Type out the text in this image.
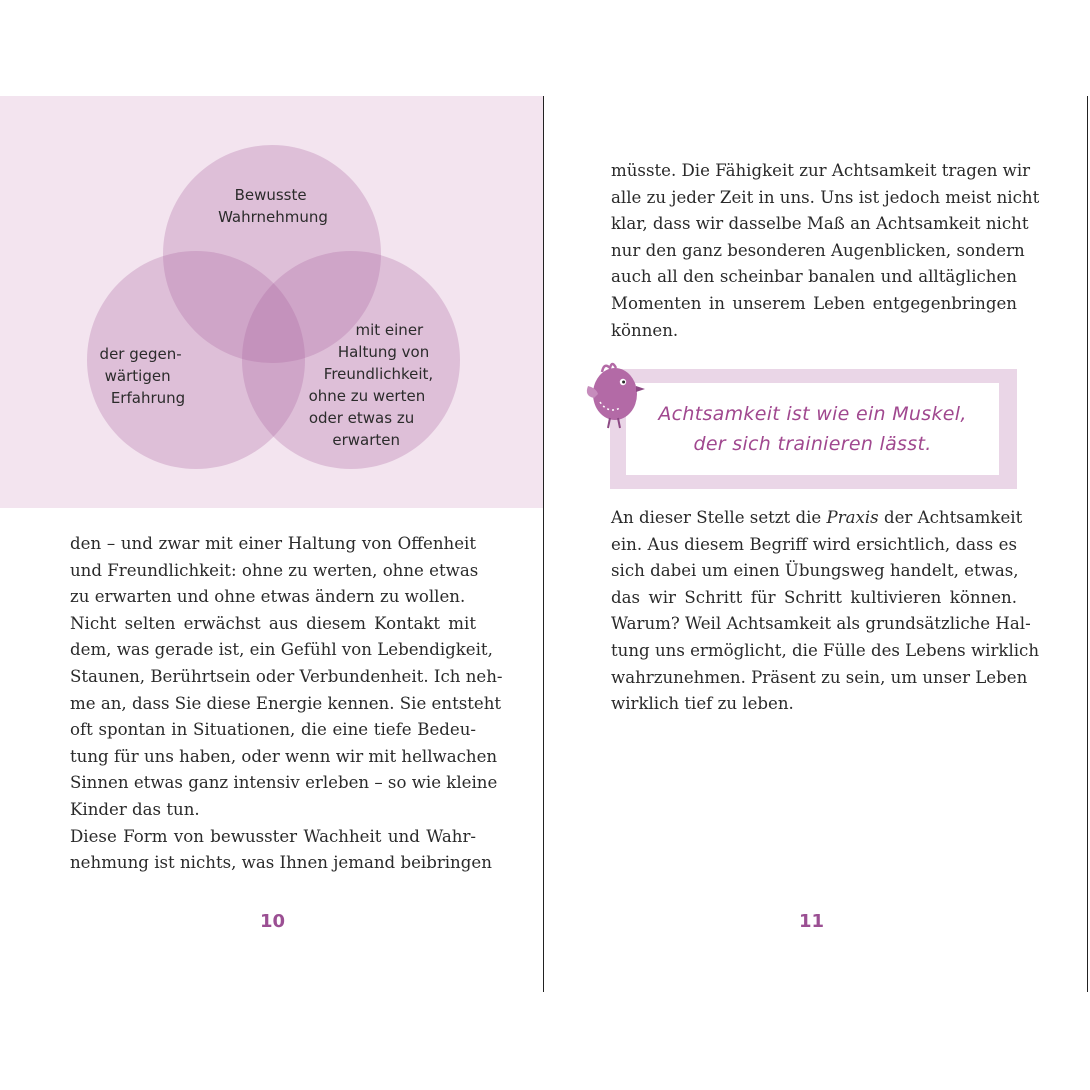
Bewusste Wahrnehmung
der gegen- wärtigen Erfahrung
mit einer Haltung von Freundlichkeit, ohne zu werten oder etwas zu erwarten
den – und zwar mit einer Haltung von Offenheit
und Freundlichkeit: ohne zu werten, ohne etwas
zu erwarten und ohne etwas ändern zu wollen.
Nicht selten erwächst aus diesem Kontakt mit
dem, was gerade ist, ein Gefühl von Lebendigkeit,
Staunen, Berührtsein oder Verbundenheit. Ich neh-
me an, dass Sie diese Energie kennen. Sie entsteht
oft spontan in Situationen, die eine tiefe Bedeu-
tung für uns haben, oder wenn wir mit hellwachen
Sinnen etwas ganz intensiv erleben – so wie kleine
Kinder das tun.
Diese Form von bewusster Wachheit und Wahr-
nehmung ist nichts, was Ihnen jemand beibringen
10
müsste. Die Fähigkeit zur Achtsamkeit tragen wir
alle zu jeder Zeit in uns. Uns ist jedoch meist nicht
klar, dass wir dasselbe Maß an Achtsamkeit nicht
nur den ganz besonderen Augenblicken, sondern
auch all den scheinbar banalen und alltäglichen
Momenten in unserem Leben entgegenbringen
können.
Achtsamkeit ist wie ein Muskel,
der sich trainieren lässt.
An dieser Stelle setzt die Praxis der Achtsamkeit
ein. Aus diesem Begriff wird ersichtlich, dass es
sich dabei um einen Übungsweg handelt, etwas,
das wir Schritt für Schritt kultivieren können.
Warum? Weil Achtsamkeit als grundsätzliche Hal-
tung uns ermöglicht, die Fülle des Lebens wirklich
wahrzunehmen. Präsent zu sein, um unser Leben
wirklich tief zu leben.
11
